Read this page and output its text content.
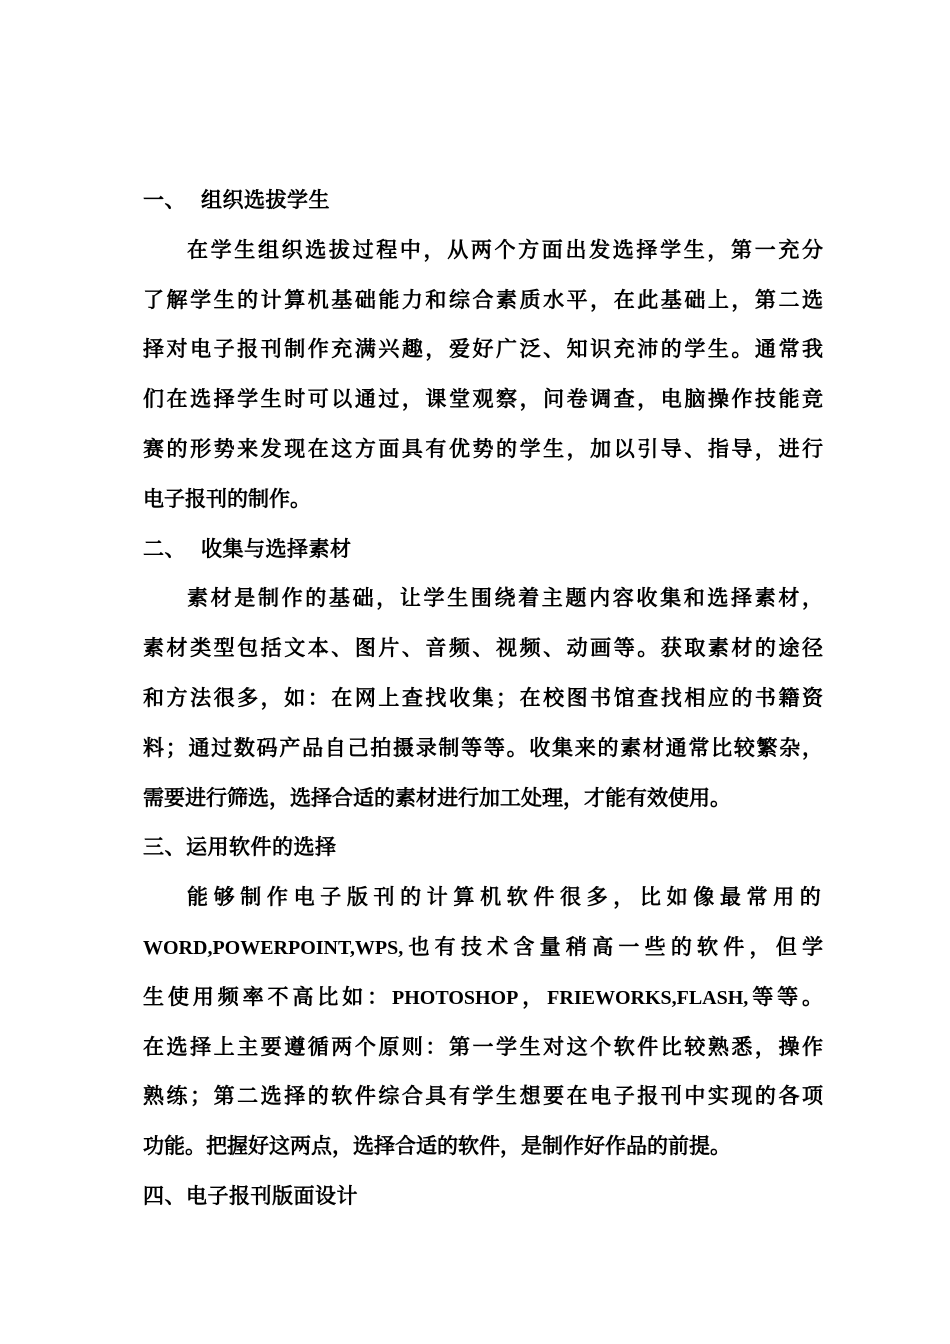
一、 组织选拔学生
在学生组织选拔过程中，从两个方面出发选择学生，第一充分
了解学生的计算机基础能力和综合素质水平，在此基础上，第二选
择对电子报刊制作充满兴趣，爱好广泛、知识充沛的学生。通常我
们在选择学生时可以通过，课堂观察，问卷调查，电脑操作技能竞
赛的形势来发现在这方面具有优势的学生，加以引导、指导，进行
电子报刊的制作。
二、 收集与选择素材
素材是制作的基础，让学生围绕着主题内容收集和选择素材，
素材类型包括文本、图片、音频、视频、动画等。获取素材的途径
和方法很多，如：在网上查找收集；在校图书馆查找相应的书籍资
料；通过数码产品自己拍摄录制等等。收集来的素材通常比较繁杂，
需要进行筛选，选择合适的素材进行加工处理，才能有效使用。
三、运用软件的选择
能够制作电子版刊的计算机软件很多，比如像最常用的
WORD,POWERPOINT,WPS,也有技术含量稍高一些的软件，但学
生使用频率不高比如：PHOTOSHOP，FRIEWORKS,FLASH,等等。
在选择上主要遵循两个原则：第一学生对这个软件比较熟悉，操作
熟练；第二选择的软件综合具有学生想要在电子报刊中实现的各项
功能。把握好这两点，选择合适的软件，是制作好作品的前提。
四、电子报刊版面设计
